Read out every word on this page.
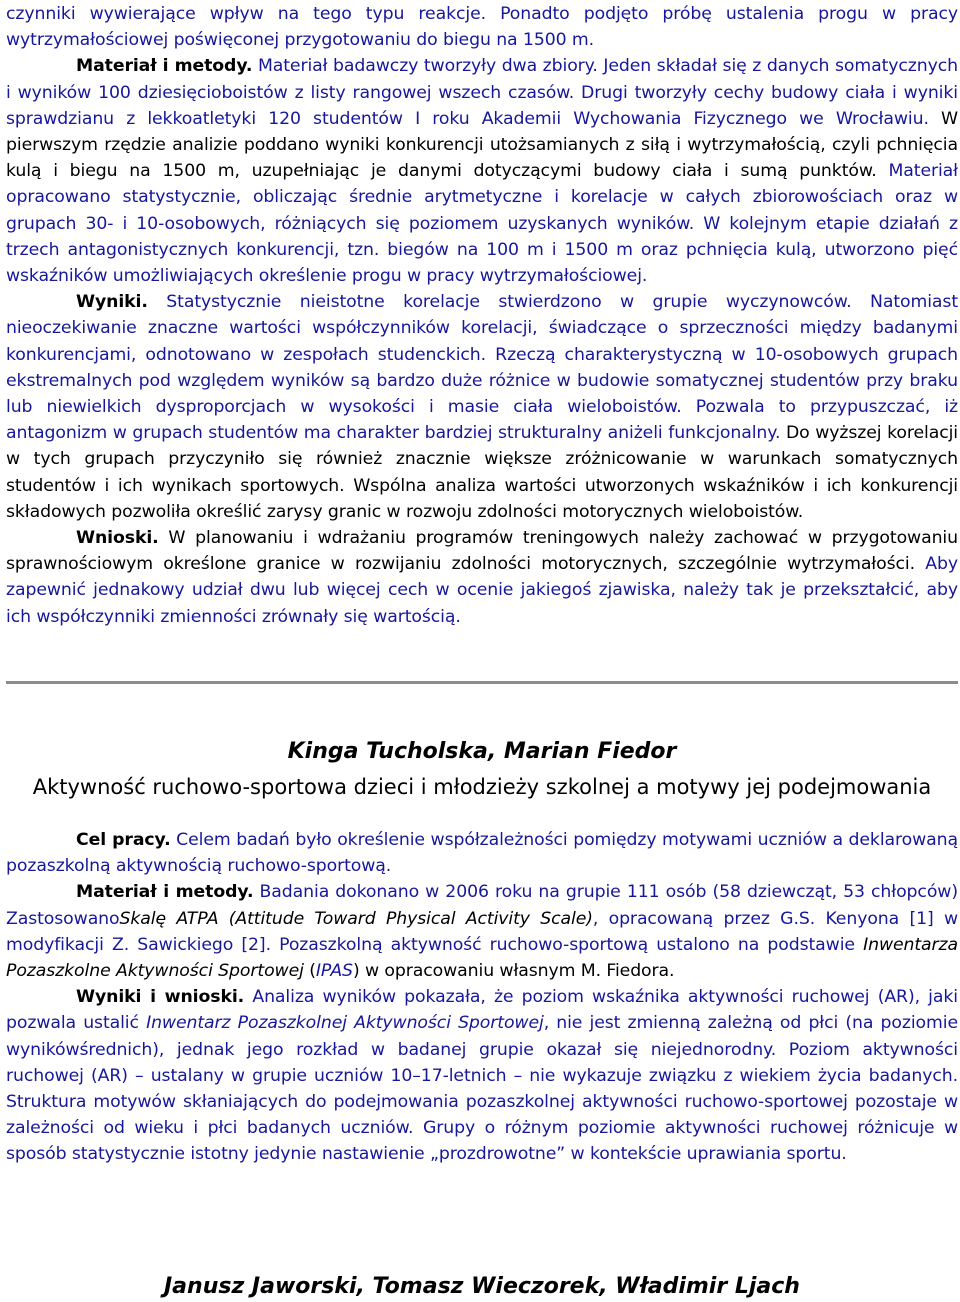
czynniki wywierające wpływ na tego typu reakcje. Ponadto podjęto próbę ustalenia progu w pracy wytrzymałościowej poświęconej przygotowaniu do biegu na 1500 m.

Materiał i metody. Materiał badawczy tworzyły dwa zbiory. Jeden składał się z danych somatycznych i wyników 100 dziesięcioboistów z listy rangowej wszech czasów. Drugi tworzyły cechy budowy ciała i wyniki sprawdzianu z lekkoatletyki 120 studentów I roku Akademii Wychowania Fizycznego we Wrocławiu. W pierwszym rzędzie analizie poddano wyniki konkurencji utożsamianych z siłą i wytrzymałością, czyli pchnięcia kulą i biegu na 1500 m, uzupełniając je danymi dotyczącymi budowy ciała i sumą punktów. Materiał opracowano statystycznie, obliczając średnie arytmetyczne i korelacje w całych zbiorowościach oraz w grupach 30- i 10-osobowych, różniących się poziomem uzyskanych wyników. W kolejnym etapie działań z trzech antagonistycznych konkurencji, tzn. biegów na 100 m i 1500 m oraz pchnięcia kulą, utworzono pięć wskaźników umożliwiających określenie progu w pracy wytrzymałościowej.

Wyniki. Statystycznie nieistotne korelacje stwierdzono w grupie wyczynowców. Natomiast nieoczekiwanie znaczne wartości współczynników korelacji, świadczące o sprzeczności między badanymi konkurencjami, odnotowano w zespołach studenckich. Rzeczą charakterystyczną w 10-osobowych grupach ekstremalnych pod względem wyników są bardzo duże różnice w budowie somatycznej studentów przy braku lub niewielkich dysproporcjach w wysokości i masie ciała wieloboistów. Pozwala to przypuszczać, iż antagonizm w grupach studentów ma charakter bardziej strukturalny aniżeli funkcjonalny. Do wyższej korelacji w tych grupach przyczyniło się również znacznie większe zróżnicowanie w warunkach somatycznych studentów i ich wynikach sportowych. Wspólna analiza wartości utworzonych wskaźników i ich konkurencji składowych pozwoliła określić zarysy granic w rozwoju zdolności motorycznych wieloboistów.

Wnioski. W planowaniu i wdrażaniu programów treningowych należy zachować w przygotowaniu sprawnościowym określone granice w rozwijaniu zdolności motorycznych, szczególnie wytrzymałości. Aby zapewnić jednakowy udział dwu lub więcej cech w ocenie jakiegoś zjawiska, należy tak je przekształcić, aby ich współczynniki zmienności zrównały się wartością.

Kinga Tucholska, Marian Fiedor

Aktywność ruchowo-sportowa dzieci i młodzieży szkolnej a motywy jej podejmowania

Cel pracy. Celem badań było określenie współzależności pomiędzy motywami uczniów a deklarowaną pozaszkolną aktywnością ruchowo-sportową.

Materiał i metody. Badania dokonano w 2006 roku na grupie 111 osób (58 dziewcząt, 53 chłopców) ZastosowanoSkalę ATPA (Attitude Toward Physical Activity Scale), opracowaną przez G.S. Kenyona [1] w modyfikacji Z. Sawickiego [2]. Pozaszkolną aktywność ruchowo-sportową ustalono na podstawie Inwentarza Pozaszkolne Aktywności Sportowej (IPAS) w opracowaniu własnym M. Fiedora.

Wyniki i wnioski. Analiza wyników pokazała, że poziom wskaźnika aktywności ruchowej (AR), jaki pozwala ustalić Inwentarz Pozaszkolnej Aktywności Sportowej, nie jest zmienną zależną od płci (na poziomie wynikówśrednich), jednak jego rozkład w badanej grupie okazał się niejednorodny. Poziom aktywności ruchowej (AR) – ustalany w grupie uczniów 10–17-letnich – nie wykazuje związku z wiekiem życia badanych. Struktura motywów skłaniających do podejmowania pozaszkolnej aktywności ruchowo-sportowej pozostaje w zależności od wieku i płci badanych uczniów. Grupy o różnym poziomie aktywności ruchowej różnicuje w sposób statystycznie istotny jedynie nastawienie „prozdrowotne” w kontekście uprawiania sportu.

Janusz Jaworski, Tomasz Wieczorek, Władimir Ljach
